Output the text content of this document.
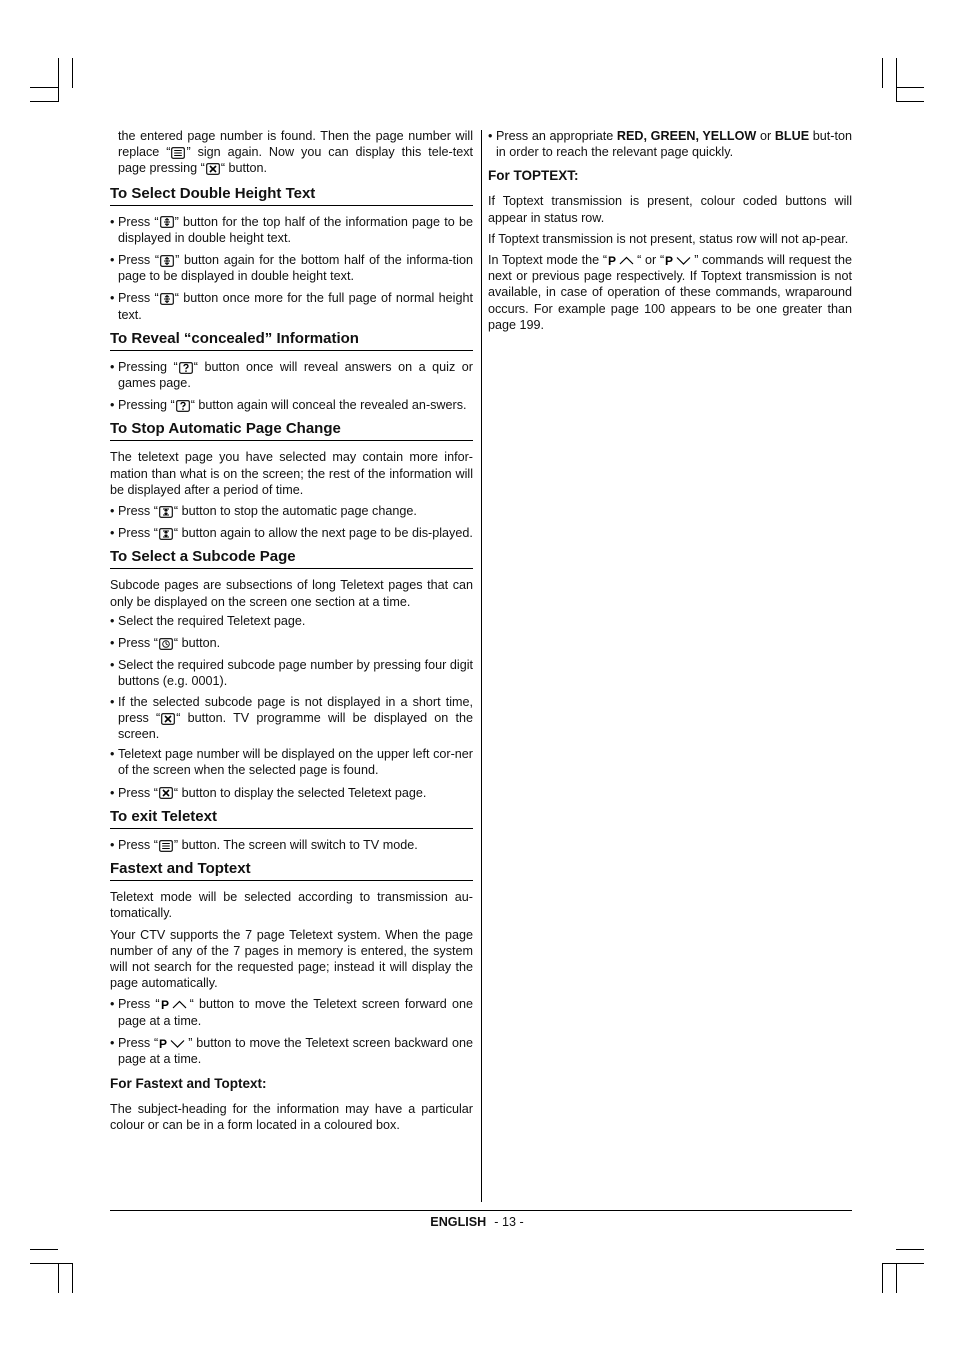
the entered page number is found. Then the page number will replace “ ” sign again. Now you can display this tele-text page pressing “ “ button.

To Select Double Height Text
• Press “ ” button for the top half of the information page to be displayed in double height text.
• Press “ ” button again for the bottom half of the informa-tion page to be displayed in double height text.
• Press “ “ button once more for the full page of normal height text.
To Reveal “concealed” Information
• Pressing “ “ button once will reveal answers on a quiz or games page.
• Pressing “ “ button again will conceal the revealed an-swers.
To Stop Automatic Page Change

The teletext page you have selected may contain more infor-mation than what is on the screen; the rest of the information will be displayed after a period of time.

• Press “ “ button to stop the automatic page change.
• Press “ “ button again to allow the next page to be dis-played.
To Select a Subcode Page

Subcode pages are subsections of long Teletext pages that can only be displayed on the screen one section at a time.

• Select the required Teletext page.
• Press “ “ button.
• Select the required subcode page number by pressing four digit buttons (e.g. 0001).
• If the selected subcode page is not displayed in a short time, press “ “ button. TV programme will be displayed on the screen.
• Teletext page number will be displayed on the upper left cor-ner of the screen when the selected page is found.
• Press “ “ button to display the selected Teletext page.
To exit Teletext
• Press “ ” button. The screen will switch to TV mode.
Fastext and Toptext

Teletext mode will be selected according to transmission au-tomatically.

Your CTV supports the 7 page Teletext system. When the page number of any of the 7 pages in memory is entered, the system will not search for the requested page; instead it will display the page automatically.

• Press “ P “ button to move the Teletext screen forward one page at a time.
• Press “ P ” button to move the Teletext screen backward one page at a time.
For Fastext and Toptext:

The subject-heading for the information may have a particular colour or can be in a form located in a coloured box.

• Press an appropriate RED, GREEN, YELLOW or BLUE but-ton in order to reach the relevant page quickly.
For TOPTEXT:

If Toptext transmission is present, colour coded buttons will appear in status row.

If Toptext transmission is not present, status row will not ap-pear.

In Toptext mode the “ P “ or “ P ” commands will request the next or previous page respectively. If Toptext transmission is not available, in case of operation of these commands, wraparound occurs. For example page 100 appears to be one greater than page 199.

ENGLISH - 13 -
